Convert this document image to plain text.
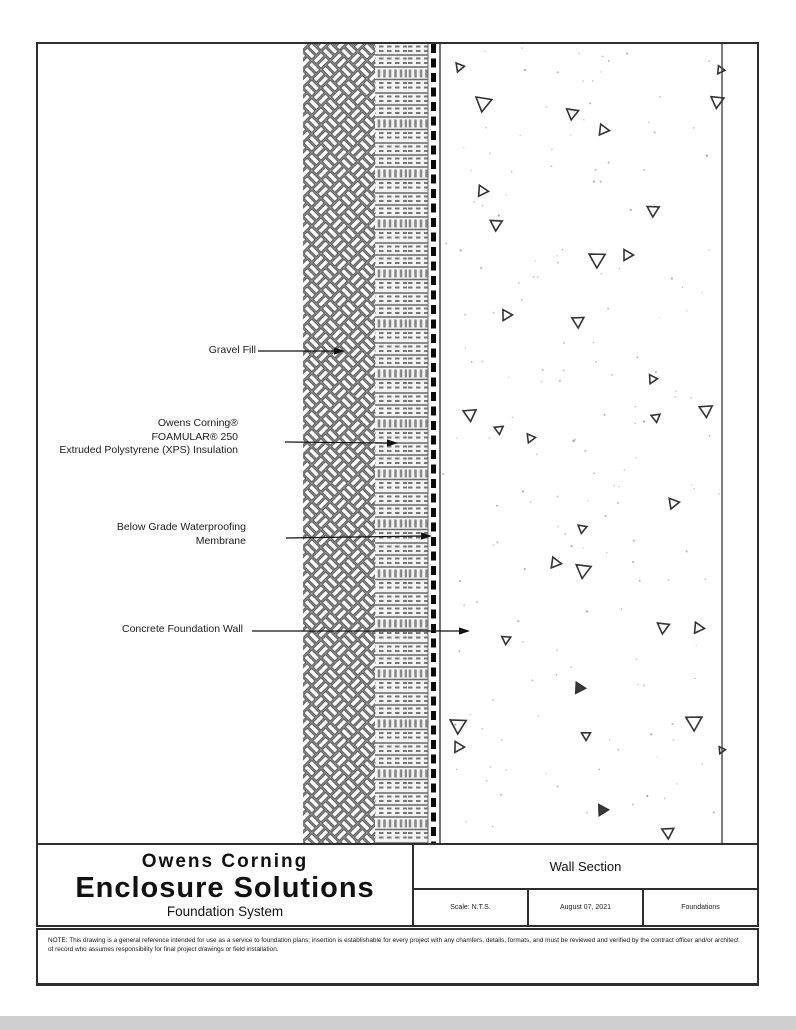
Gravel Fill
Owens Corning®
FOAMULAR® 250
Extruded Polystyrene (XPS) Insulation
Below Grade Waterproofing
Membrane
Concrete Foundation Wall
Owens Corning
Enclosure Solutions
Foundation System
Wall Section
Scale: N.T.S.	August 07, 2021	Foundations
NOTE: This drawing is a general reference intended for use as a service to foundation plans; insertion is establishable for every project with any chamfers, details, formats, and must be reviewed and verified by the contract officer and/or architect of record who assumes responsibility for final project drawings or field installation.
